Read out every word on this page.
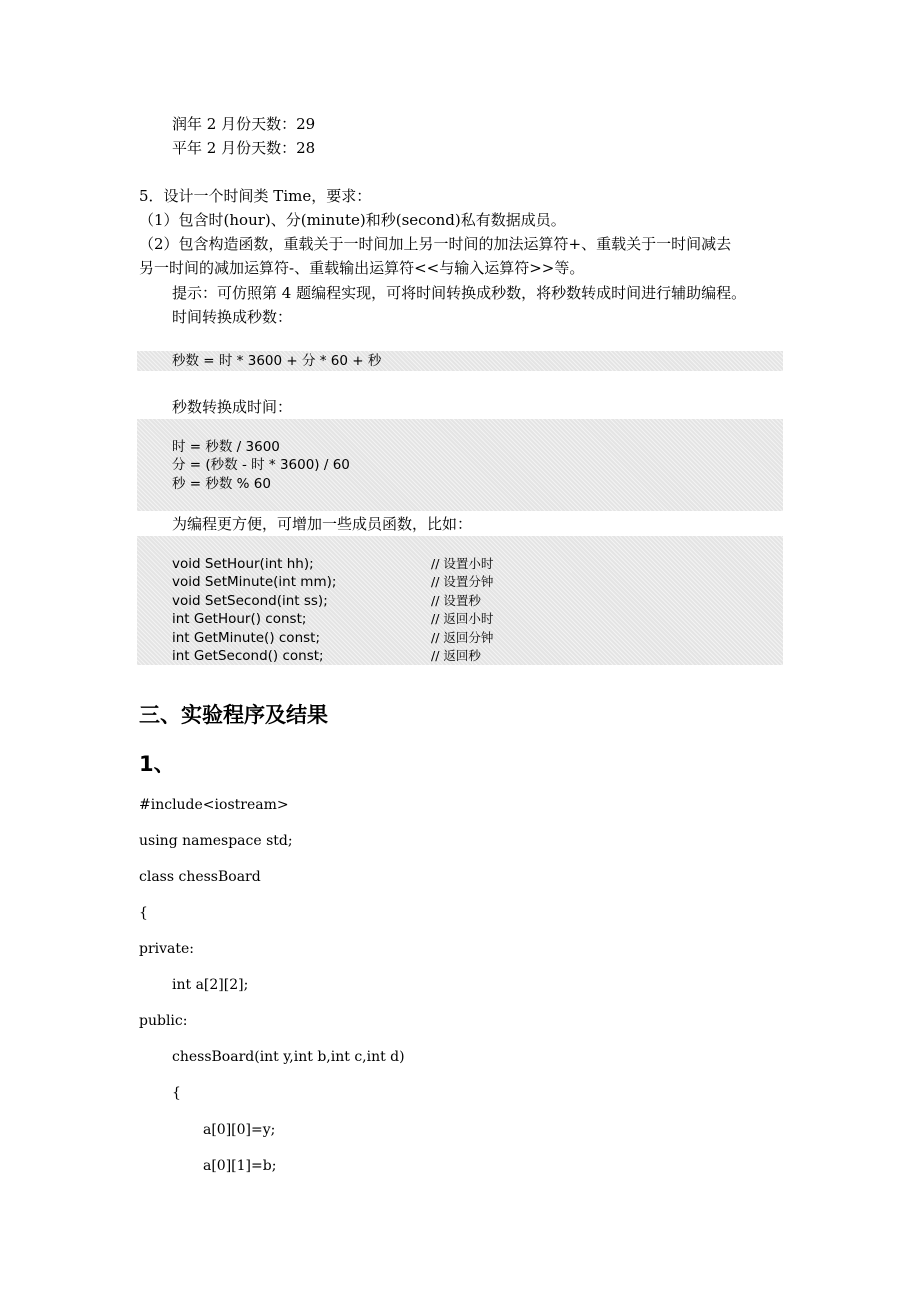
润年 2 月份天数：29
平年 2 月份天数：28
5．设计一个时间类 Time，要求：
（1）包含时(hour)、分(minute)和秒(second)私有数据成员。
（2）包含构造函数，重载关于一时间加上另一时间的加法运算符+、重载关于一时间减去
另一时间的减加运算符-、重载输出运算符<<与输入运算符>>等。
提示：可仿照第 4 题编程实现，可将时间转换成秒数，将秒数转成时间进行辅助编程。
时间转换成秒数：
秒数 = 时 * 3600 + 分 * 60 + 秒
秒数转换成时间：
时 = 秒数 / 3600
分 = (秒数 - 时 * 3600) / 60
秒 = 秒数 % 60
为编程更方便，可增加一些成员函数，比如：
void SetHour(int hh);	// 设置小时
void SetMinute(int mm);	// 设置分钟
void SetSecond(int ss);	// 设置秒
int GetHour() const;	// 返回小时
int GetMinute() const;	// 返回分钟
int GetSecond() const;	// 返回秒
三、实验程序及结果
1、
#include<iostream>
using namespace std;
class chessBoard
{
private:
int a[2][2];
public:
chessBoard(int y,int b,int c,int d)
{
a[0][0]=y;
a[0][1]=b;
